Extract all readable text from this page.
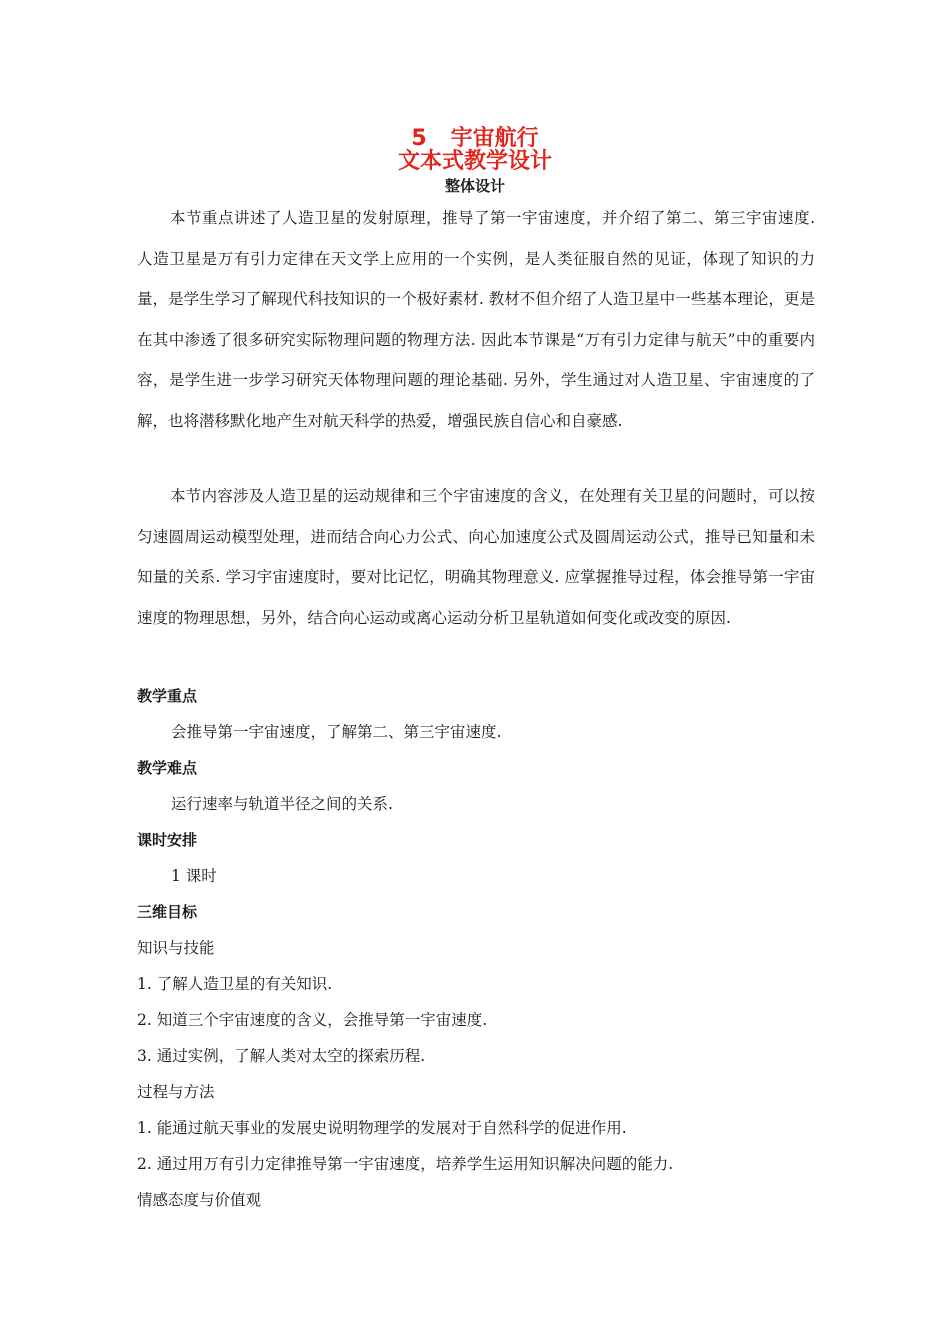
5 宇宙航行
文本式教学设计
整体设计

本节重点讲述了人造卫星的发射原理，推导了第一宇宙速度，并介绍了第二、第三宇宙速度. 人造卫星是万有引力定律在天文学上应用的一个实例，是人类征服自然的见证，体现了知识的力量，是学生学习了解现代科技知识的一个极好素材. 教材不但介绍了人造卫星中一些基本理论，更是在其中渗透了很多研究实际物理问题的物理方法. 因此本节课是“万有引力定律与航天”中的重要内容，是学生进一步学习研究天体物理问题的理论基础. 另外，学生通过对人造卫星、宇宙速度的了解，也将潜移默化地产生对航天科学的热爱，增强民族自信心和自豪感.

本节内容涉及人造卫星的运动规律和三个宇宙速度的含义，在处理有关卫星的问题时，可以按匀速圆周运动模型处理，进而结合向心力公式、向心加速度公式及圆周运动公式，推导已知量和未知量的关系. 学习宇宙速度时，要对比记忆，明确其物理意义. 应掌握推导过程，体会推导第一宇宙速度的物理思想，另外，结合向心运动或离心运动分析卫星轨道如何变化或改变的原因.

教学重点
会推导第一宇宙速度，了解第二、第三宇宙速度.
教学难点
运行速率与轨道半径之间的关系.
课时安排
1 课时
三维目标
知识与技能
1. 了解人造卫星的有关知识.
2. 知道三个宇宙速度的含义，会推导第一宇宙速度.
3. 通过实例，了解人类对太空的探索历程.
过程与方法
1. 能通过航天事业的发展史说明物理学的发展对于自然科学的促进作用.
2. 通过用万有引力定律推导第一宇宙速度，培养学生运用知识解决问题的能力.
情感态度与价值观
